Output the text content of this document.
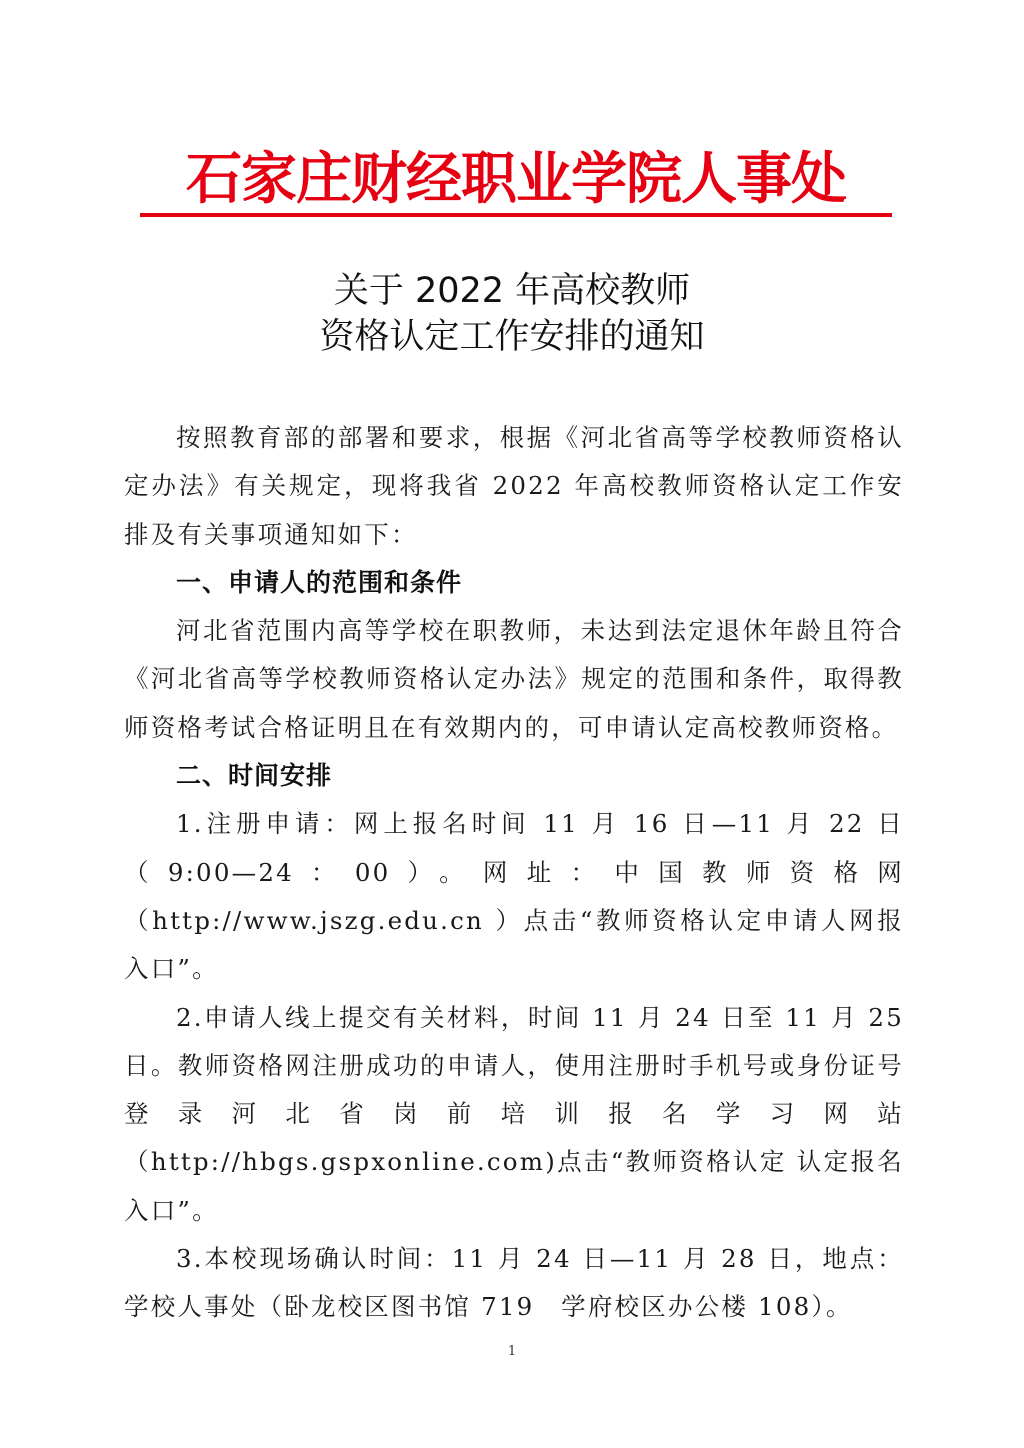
石家庄财经职业学院人事处
关于 2022 年高校教师
资格认定工作安排的通知

按照教育部的部署和要求，根据《河北省高等学校教师资格认定办法》有关规定，现将我省 2022 年高校教师资格认定工作安排及有关事项通知如下：

一、申请人的范围和条件

河北省范围内高等学校在职教师，未达到法定退休年龄且符合《河北省高等学校教师资格认定办法》规定的范围和条件，取得教师资格考试合格证明且在有效期内的，可申请认定高校教师资格。

二、时间安排

1.注册申请：网上报名时间 11 月 16 日—11 月 22 日（9:00—24：00）。网址：中国教师资格网（http://www.jszg.edu.cn ）点击“教师资格认定申请人网报入口”。

2.申请人线上提交有关材料，时间 11 月 24 日至 11 月 25 日。教师资格网注册成功的申请人，使用注册时手机号或身份证号登录河北省岗前培训报名学习网站（http://hbgs.gspxonline.com)点击“教师资格认定 认定报名入口”。

3.本校现场确认时间：11 月 24 日—11 月 28 日，地点：学校人事处（卧龙校区图书馆 719　学府校区办公楼 108）。

1
